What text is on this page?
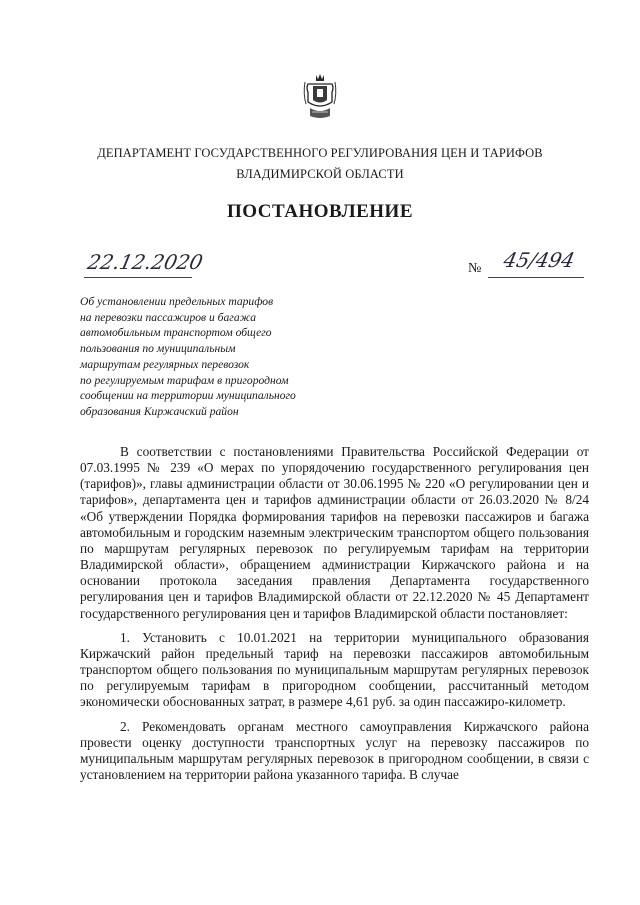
ДЕПАРТАМЕНТ ГОСУДАРСТВЕННОГО РЕГУЛИРОВАНИЯ ЦЕН И ТАРИФОВ
ВЛАДИМИРСКОЙ ОБЛАСТИ
ПОСТАНОВЛЕНИЕ
22.12.2020	№ 45/494
Об установлении предельных тарифов
на перевозки пассажиров и багажа
автомобильным транспортом общего
пользования по муниципальным
маршрутам регулярных перевозок
по регулируемым тарифам в пригородном
сообщении на территории муниципального
образования Киржачский район

В соответствии с постановлениями Правительства Российской Федерации от 07.03.1995 № 239 «О мерах по упорядочению государственного регулирования цен (тарифов)», главы администрации области от 30.06.1995 № 220 «О регулировании цен и тарифов», департамента цен и тарифов администрации области от 26.03.2020 № 8/24 «Об утверждении Порядка формирования тарифов на перевозки пассажиров и багажа автомобильным и городским наземным электрическим транспортом общего пользования по маршрутам регулярных перевозок по регулируемым тарифам на территории Владимирской области», обращением администрации Киржачского района и на основании протокола заседания правления Департамента государственного регулирования цен и тарифов Владимирской области от 22.12.2020 № 45 Департамент государственного регулирования цен и тарифов Владимирской области постановляет:

1. Установить с 10.01.2021 на территории муниципального образования Киржачский район предельный тариф на перевозки пассажиров автомобильным транспортом общего пользования по муниципальным маршрутам регулярных перевозок по регулируемым тарифам в пригородном сообщении, рассчитанный методом экономически обоснованных затрат, в размере 4,61 руб. за один пассажиро-километр.

2. Рекомендовать органам местного самоуправления Киржачского района провести оценку доступности транспортных услуг на перевозку пассажиров по муниципальным маршрутам регулярных перевозок в пригородном сообщении, в связи с установлением на территории района указанного тарифа. В случае
